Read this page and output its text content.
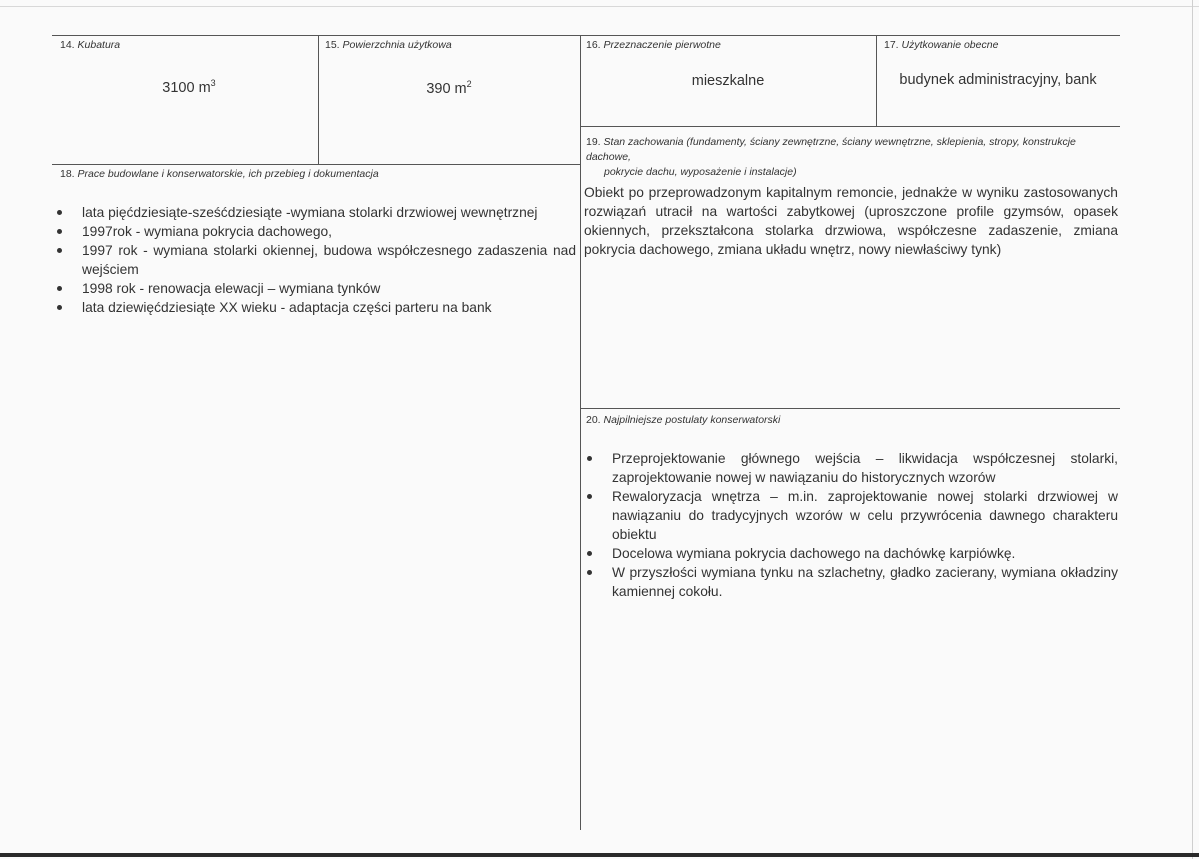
14. Kubatura
3100 $m^3$
15. Powierzchnia użytkowa
390 $m^2$
16. Przeznaczenie pierwotne
mieszkalne
17. Użytkowanie obecne
budynek administracyjny, bank
18. Prace budowlane i konserwatorskie, ich przebieg i dokumentacja
lata pięćdziesiąte-sześćdziesiąte -wymiana stolarki drzwiowej wewnętrznej
1997rok - wymiana pokrycia dachowego,
1997 rok - wymiana stolarki okiennej, budowa współczesnego zadaszenia nad wejściem
1998 rok - renowacja elewacji – wymiana tynków
lata dziewięćdziesiąte XX wieku - adaptacja części parteru na bank
19. Stan zachowania (fundamenty, ściany zewnętrzne, ściany wewnętrzne, sklepienia, stropy, konstrukcje dachowe,
pokrycie dachu, wyposażenie i instalacje)
Obiekt po przeprowadzonym kapitalnym remoncie, jednakże w wyniku zastosowanych rozwiązań utracił na wartości zabytkowej (uproszczone profile gzymsów, opasek okiennych, przekształcona stolarka drzwiowa, współczesne zadaszenie, zmiana pokrycia dachowego, zmiana układu wnętrz, nowy niewłaściwy tynk)
20. Najpilniejsze postulaty konserwatorski
Przeprojektowanie głównego wejścia – likwidacja współczesnej stolarki, zaprojektowanie nowej w nawiązaniu do historycznych wzorów
Rewaloryzacja wnętrza – m.in. zaprojektowanie nowej stolarki drzwiowej w nawiązaniu do tradycyjnych wzorów w celu przywrócenia dawnego charakteru obiektu
Docelowa wymiana pokrycia dachowego na dachówkę karpiówkę.
W przyszłości wymiana tynku na szlachetny, gładko zacierany, wymiana okładziny kamiennej cokołu.
